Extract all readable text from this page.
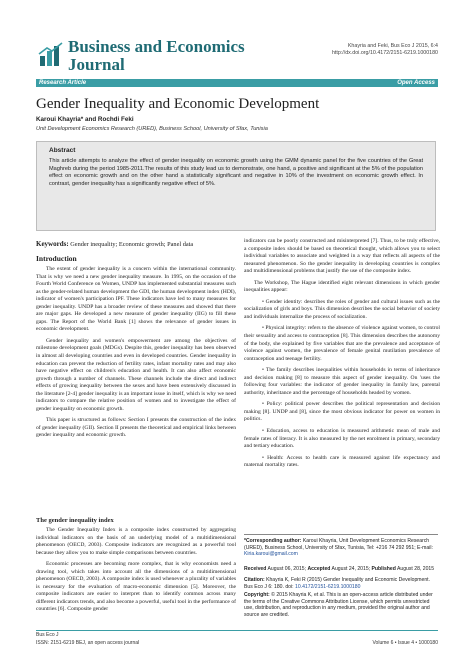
Business and Economics
Journal
Khayria and Feki, Bus Eco J 2015, 6:4
http://dx.doi.org/10.4172/2151-6219.1000180
Research Article	Open Access
Gender Inequality and Economic Development
Karoui Khayria* and Rochdi Feki
Unit Development Economics Research (URED), Business School, University of Sfax, Tunisia
Abstract
This article attempts to analyze the effect of gender inequality on economic growth using the GMM dynamic panel for the five countries of the Great Maghreb during the period 1985-2011.The results of this study lead us to demonstrate, one hand, a positive and significant at the 5% of the population effect on economic growth and on the other hand a statistically significant and negative in 10% of the investment on economic growth effect. In contrast, gender inequality has a significantly negative effect of 5%.
Keywords: Gender inequality; Economic growth; Panel data
Introduction

The extent of gender inequality is a concern within the international community. That is why we need a new gender inequality measure. In 1995, on the occasion of the Fourth World Conference on Women, UNDP has implemented substantial measures such as the gender-related human development the GDI, the human development index (HDI), indicator of women's participation IPF. These indicators have led to many measures for gender inequality. UNDP has a broader review of these measures and showed that there are major gaps. He developed a new measure of gender inequality (IIG) to fill these gaps. The Report of the World Bank [1] shows the relevance of gender issues in economic development.

Gender inequality and women's empowerment are among the objectives of milestone development goals (MDGs). Despite this, gender inequality has been observed in almost all developing countries and even in developed countries. Gender inequality in education can prevent the reduction of fertility rates, infant mortality rates and may also have negative effect on children's education and health. It can also affect economic growth through a number of channels. These channels include the direct and indirect effects of growing inequality between the sexes and have been extensively discussed in the literature [2-4] gender inequality is an important issue in itself, which is why we need indicators to compare the relative position of women and to investigate the effect of gender inequality on economic growth.

This paper is structured as follows: Section I presents the construction of the index of gender inequality (GII). Section II presents the theoretical and empirical links between gender inequality and economic growth.

The gender inequality index

The Gender Inequality Index is a composite index constructed by aggregating individual indicators on the basis of an underlying model of a multidimensional phenomenon (OECD, 2003). Composite indicators are recognized as a powerful tool because they allow you to make simple comparisons between countries.

Economic processes are becoming more complex, that is why economists need a drawing tool, which takes into account all the dimensions of a multidimensional phenomenon (OECD, 2003). A composite index is used whenever a plurality of variables is necessary for the evaluation of macro-economic dimension [5]. Moreover, the composite indicators are easier to interpret than to identify common across many different indicators trends, and also become a powerful, useful tool in the performance of countries [6]. Composite gender

indicators can be poorly constructed and misinterpreted [7]. Thus, to be truly effective, a composite index should be based on theoretical thought, which allows you to select individual variables to associate and weighted in a way that reflects all aspects of the measured phenomenon. So the gender inequality in developing countries is complex and multidimensional problems that justify the use of the composite index.

The Workshop, The Hague identified eight relevant dimensions in which gender inequalities appear:

• Gender identity: describes the roles of gender and cultural issues such as the socialization of girls and boys. This dimension describes the social behavior of society and individuals internalize the process of socialization.

• Physical integrity: refers to the absence of violence against women, to control their sexuality and access to contraception [8]. This dimension describes the autonomy of the body, she explained by five variables that are the prevalence and acceptance of violence against women, the prevalence of female genital mutilation prevalence of contraception and teenage fertility.

• The family describes inequalities within households in terms of inheritance and decision making [8] to measure this aspect of gender inequality. On 'uses the following four variables: the indicator of gender inequality in family law, parental authority, inheritance and the percentage of households headed by women.

• Policy: political power describes the political representation and decision making [8]. UNDP and [8], since the most obvious indicator for power on women in politics.

• Education, access to education is measured arithmetic mean of male and female rates of literacy. It is also measured by the net enrolment in primary, secondary and tertiary education.

• Health: Access to health care is measured against life expectancy and maternal mortality rates.

*Corresponding author: Karoui Khayria, Unit Development Economics Research (URED), Business School, University of Sfax, Tunisia, Tel: +216 74 292 951; E-mail: Kiria.karoui@gmail.com
Received August 06, 2015; Accepted August 24, 2015; Published August 28, 2015
Citation: Khayria K, Feki R (2015) Gender Inequality and Economic Development. Bus Eco J 6: 180. doi: 10.4172/2151-6219.1000180
Copyright: © 2015 Khayria K, et al. This is an open-access article distributed under the terms of the Creative Commons Attribution License, which permits unrestricted use, distribution, and reproduction in any medium, provided the original author and source are credited.
Bus Eco J
ISSN: 2151-6219 BEJ, an open access journal	Volume 6 • Issue 4 • 1000180
